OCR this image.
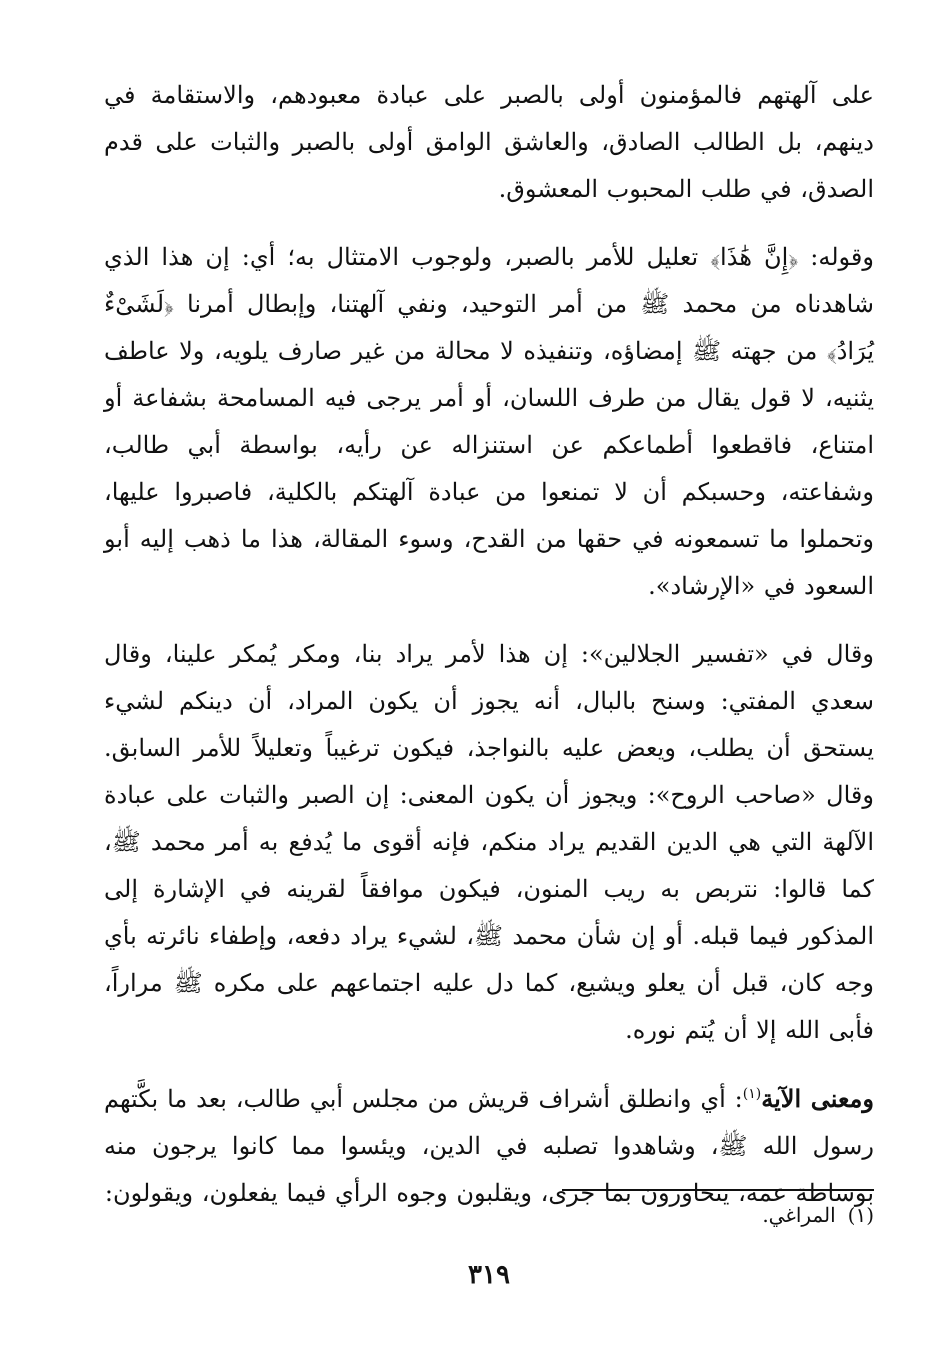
على آلهتهم فالمؤمنون أولى بالصبر على عبادة معبودهم، والاستقامة في دينهم، بل الطالب الصادق، والعاشق الوامق أولى بالصبر والثبات على قدم الصدق، في طلب المحبوب المعشوق.

وقوله: ﴿إِنَّ هَٰذَا﴾ تعليل للأمر بالصبر، ولوجوب الامتثال به؛ أي: إن هذا الذي شاهدناه من محمد ﷺ من أمر التوحيد، ونفي آلهتنا، وإبطال أمرنا ﴿لَشَىْءٌ يُرَادُ﴾ من جهته ﷺ إمضاؤه، وتنفيذه لا محالة من غير صارف يلويه، ولا عاطف يثنيه، لا قول يقال من طرف اللسان، أو أمر يرجى فيه المسامحة بشفاعة أو امتناع، فاقطعوا أطماعكم عن استنزاله عن رأيه، بواسطة أبي طالب، وشفاعته، وحسبكم أن لا تمنعوا من عبادة آلهتكم بالكلية، فاصبروا عليها، وتحملوا ما تسمعونه في حقها من القدح، وسوء المقالة، هذا ما ذهب إليه أبو السعود في «الإرشاد».

وقال في «تفسير الجلالين»: إن هذا لأمر يراد بنا، ومكر يُمكر علينا، وقال سعدي المفتي: وسنح بالبال، أنه يجوز أن يكون المراد، أن دينكم لشيء يستحق أن يطلب، ويعض عليه بالنواجذ، فيكون ترغيباً وتعليلاً للأمر السابق. وقال «صاحب الروح»: ويجوز أن يكون المعنى: إن الصبر والثبات على عبادة الآلهة التي هي الدين القديم يراد منكم، فإنه أقوى ما يُدفع به أمر محمد ﷺ، كما قالوا: نتربص به ريب المنون، فيكون موافقاً لقرينه في الإشارة إلى المذكور فيما قبله. أو إن شأن محمد ﷺ، لشيء يراد دفعه، وإطفاء نائرته بأي وجه كان، قبل أن يعلو ويشيع، كما دل عليه اجتماعهم على مكره ﷺ مراراً، فأبى الله إلا أن يُتم نوره.

ومعنى الآية$^{(١)}$: أي وانطلق أشراف قريش من مجلس أبي طالب، بعد ما بكَّتهم رسول الله ﷺ، وشاهدوا تصلبه في الدين، ويئسوا مما كانوا يرجون منه بوساطة عمه، يتحاورون بما جرى، ويقلبون وجوه الرأي فيما يفعلون، ويقولون:

(١)المراغي.
٣١٩
